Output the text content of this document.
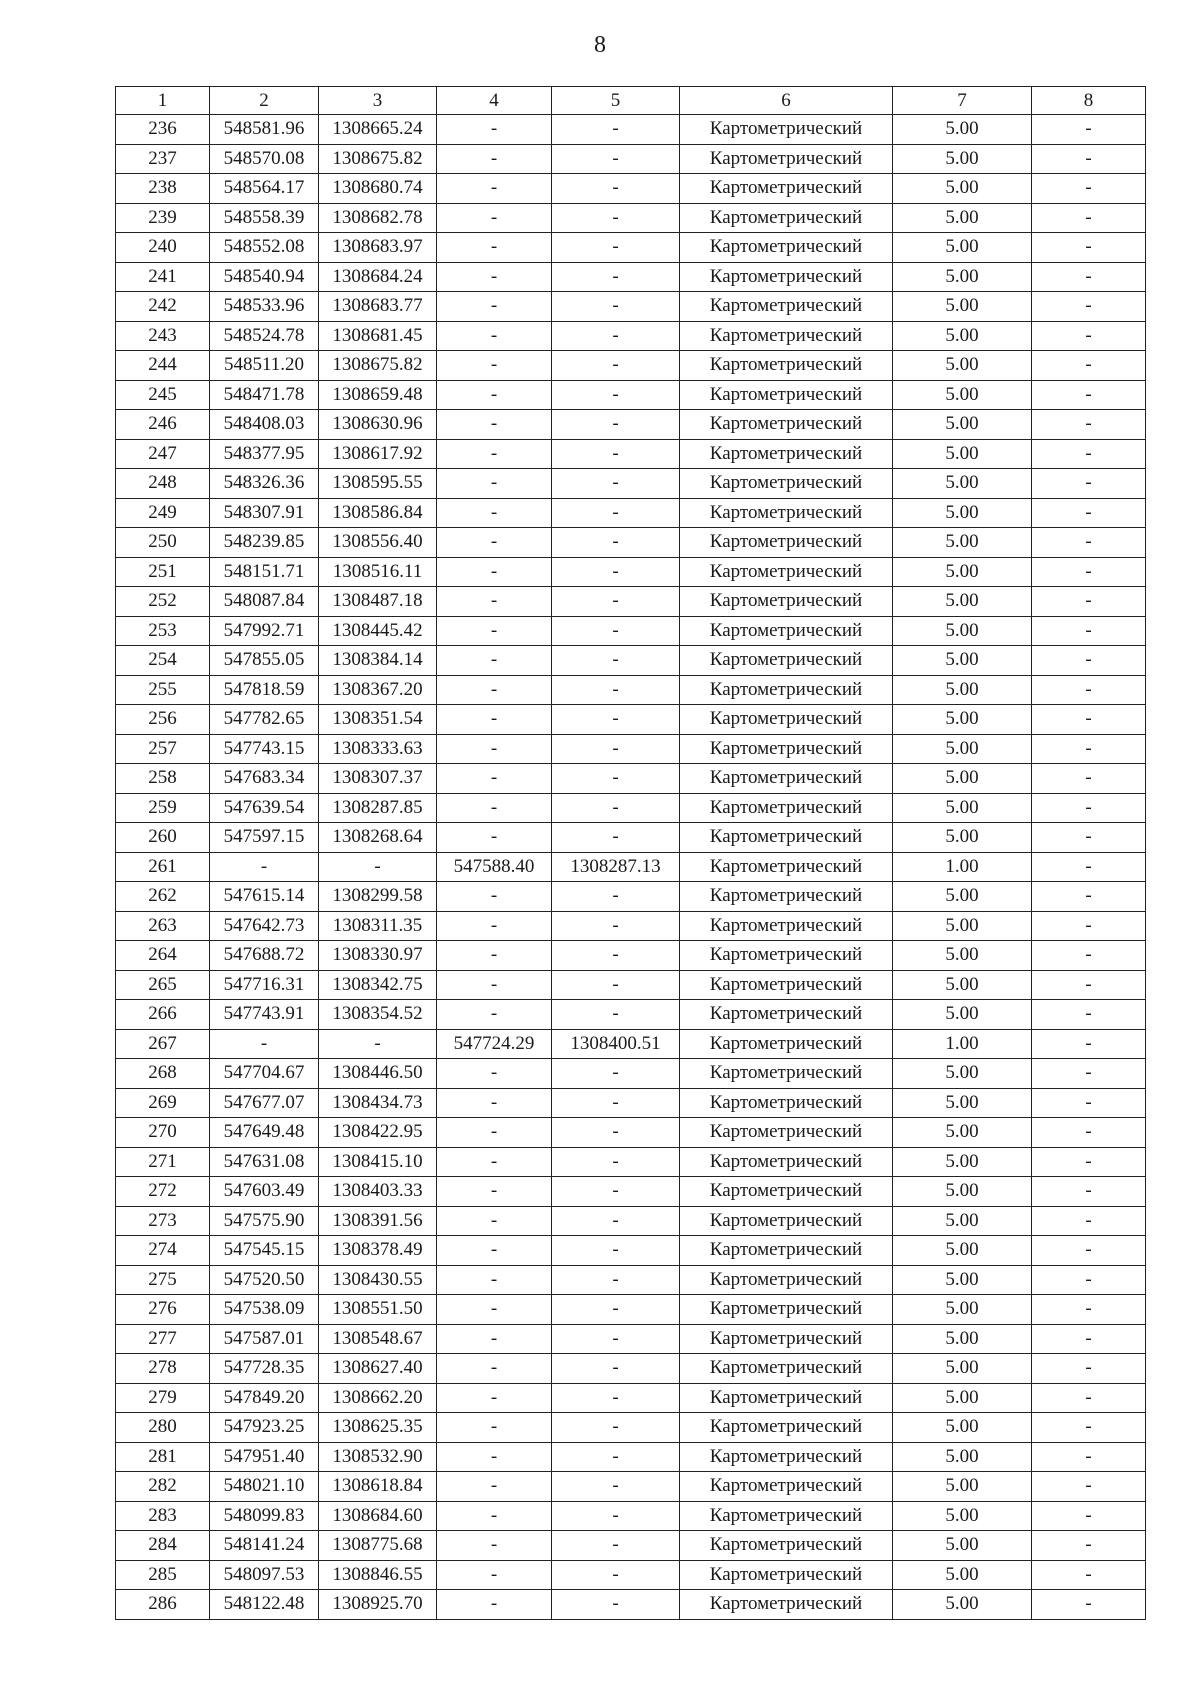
8
1	2	3	4	5	6	7	8
236	548581.96	1308665.24	-	-	Картометрический	5.00	-
237	548570.08	1308675.82	-	-	Картометрический	5.00	-
238	548564.17	1308680.74	-	-	Картометрический	5.00	-
239	548558.39	1308682.78	-	-	Картометрический	5.00	-
240	548552.08	1308683.97	-	-	Картометрический	5.00	-
241	548540.94	1308684.24	-	-	Картометрический	5.00	-
242	548533.96	1308683.77	-	-	Картометрический	5.00	-
243	548524.78	1308681.45	-	-	Картометрический	5.00	-
244	548511.20	1308675.82	-	-	Картометрический	5.00	-
245	548471.78	1308659.48	-	-	Картометрический	5.00	-
246	548408.03	1308630.96	-	-	Картометрический	5.00	-
247	548377.95	1308617.92	-	-	Картометрический	5.00	-
248	548326.36	1308595.55	-	-	Картометрический	5.00	-
249	548307.91	1308586.84	-	-	Картометрический	5.00	-
250	548239.85	1308556.40	-	-	Картометрический	5.00	-
251	548151.71	1308516.11	-	-	Картометрический	5.00	-
252	548087.84	1308487.18	-	-	Картометрический	5.00	-
253	547992.71	1308445.42	-	-	Картометрический	5.00	-
254	547855.05	1308384.14	-	-	Картометрический	5.00	-
255	547818.59	1308367.20	-	-	Картометрический	5.00	-
256	547782.65	1308351.54	-	-	Картометрический	5.00	-
257	547743.15	1308333.63	-	-	Картометрический	5.00	-
258	547683.34	1308307.37	-	-	Картометрический	5.00	-
259	547639.54	1308287.85	-	-	Картометрический	5.00	-
260	547597.15	1308268.64	-	-	Картометрический	5.00	-
261	-	-	547588.40	1308287.13	Картометрический	1.00	-
262	547615.14	1308299.58	-	-	Картометрический	5.00	-
263	547642.73	1308311.35	-	-	Картометрический	5.00	-
264	547688.72	1308330.97	-	-	Картометрический	5.00	-
265	547716.31	1308342.75	-	-	Картометрический	5.00	-
266	547743.91	1308354.52	-	-	Картометрический	5.00	-
267	-	-	547724.29	1308400.51	Картометрический	1.00	-
268	547704.67	1308446.50	-	-	Картометрический	5.00	-
269	547677.07	1308434.73	-	-	Картометрический	5.00	-
270	547649.48	1308422.95	-	-	Картометрический	5.00	-
271	547631.08	1308415.10	-	-	Картометрический	5.00	-
272	547603.49	1308403.33	-	-	Картометрический	5.00	-
273	547575.90	1308391.56	-	-	Картометрический	5.00	-
274	547545.15	1308378.49	-	-	Картометрический	5.00	-
275	547520.50	1308430.55	-	-	Картометрический	5.00	-
276	547538.09	1308551.50	-	-	Картометрический	5.00	-
277	547587.01	1308548.67	-	-	Картометрический	5.00	-
278	547728.35	1308627.40	-	-	Картометрический	5.00	-
279	547849.20	1308662.20	-	-	Картометрический	5.00	-
280	547923.25	1308625.35	-	-	Картометрический	5.00	-
281	547951.40	1308532.90	-	-	Картометрический	5.00	-
282	548021.10	1308618.84	-	-	Картометрический	5.00	-
283	548099.83	1308684.60	-	-	Картометрический	5.00	-
284	548141.24	1308775.68	-	-	Картометрический	5.00	-
285	548097.53	1308846.55	-	-	Картометрический	5.00	-
286	548122.48	1308925.70	-	-	Картометрический	5.00	-
